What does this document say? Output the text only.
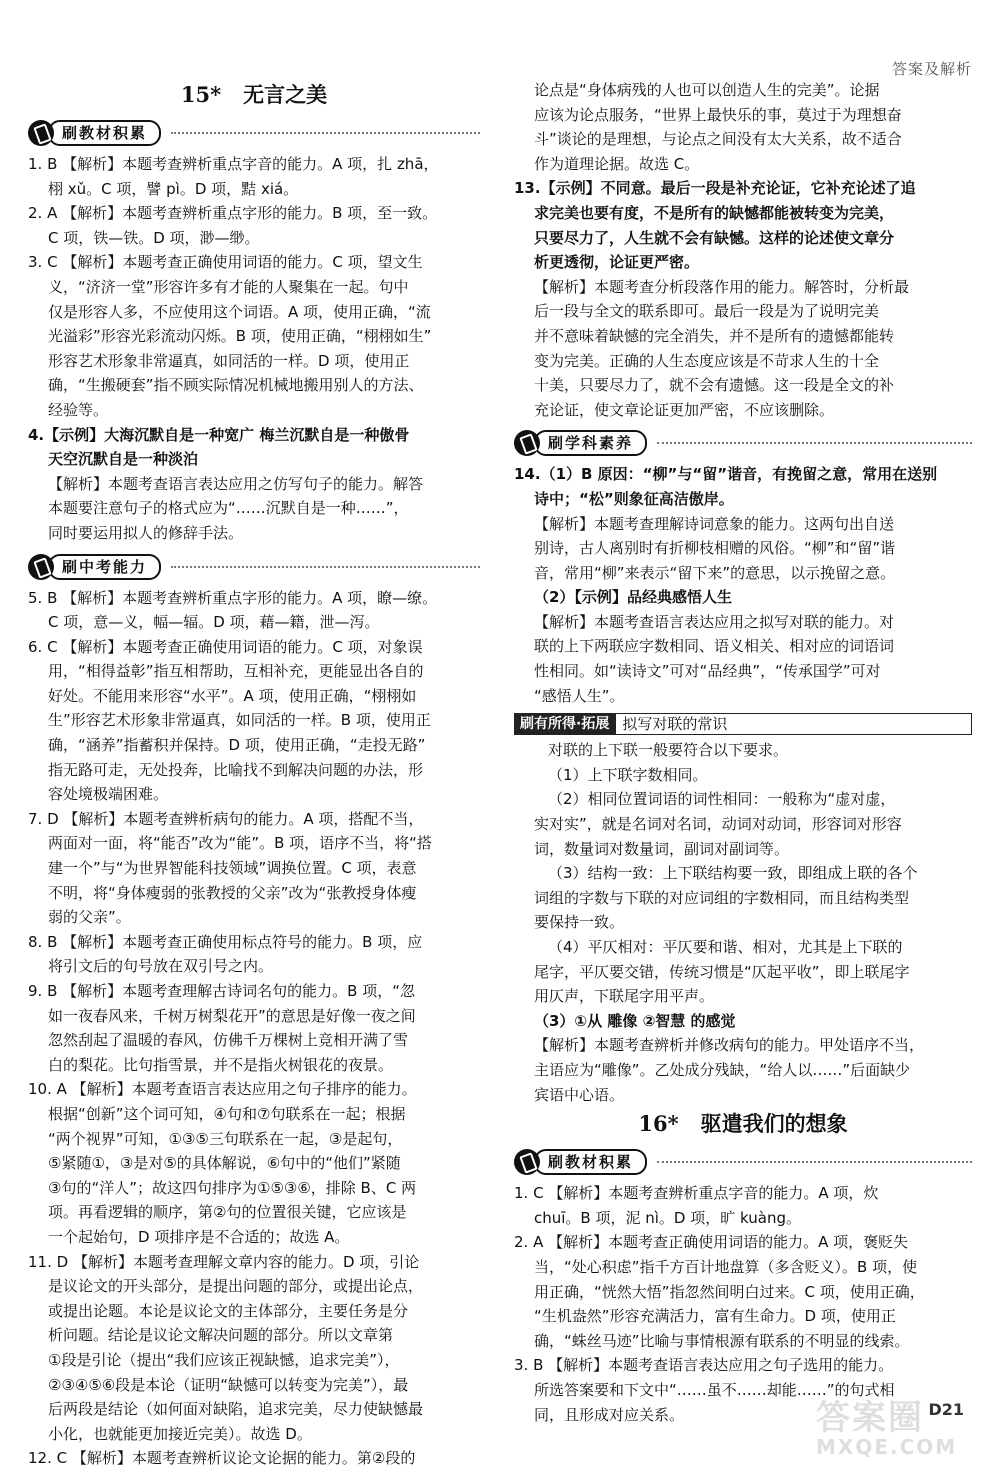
答案及解析
15* 无言之美
刷教材积累

1. B 【解析】本题考查辨析重点字音的能力。A 项，扎 zhā，

栩 xǔ。C 项，譬 pì。D 项，黠 xiá。

2. A 【解析】本题考查辨析重点字形的能力。B 项，至一致。

C 项，铁—铁。D 项，渺—缈。

3. C 【解析】本题考查正确使用词语的能力。C 项，望文生

义，“济济一堂”形容许多有才能的人聚集在一起。句中

仅是形容人多，不应使用这个词语。A 项，使用正确，“流

光溢彩”形容光彩流动闪烁。B 项，使用正确，“栩栩如生”

形容艺术形象非常逼真，如同活的一样。D 项，使用正

确，“生搬硬套”指不顾实际情况机械地搬用别人的方法、

经验等。

4.【示例】大海沉默自是一种宽广 梅兰沉默自是一种傲骨

天空沉默自是一种淡泊

【解析】本题考查语言表达应用之仿写句子的能力。解答

本题要注意句子的格式应为“……沉默自是一种……”，

同时要运用拟人的修辞手法。

刷中考能力

5. B 【解析】本题考查辨析重点字形的能力。A 项，瞭—缭。

C 项，意—义，幅—辐。D 项，藉—籍，泄—泻。

6. C 【解析】本题考查正确使用词语的能力。C 项，对象误

用，“相得益彰”指互相帮助，互相补充，更能显出各自的

好处。不能用来形容“水平”。A 项，使用正确，“栩栩如

生”形容艺术形象非常逼真，如同活的一样。B 项，使用正

确，“涵养”指蓄积并保持。D 项，使用正确，“走投无路”

指无路可走，无处投奔，比喻找不到解决问题的办法，形

容处境极端困难。

7. D 【解析】本题考查辨析病句的能力。A 项，搭配不当，

两面对一面，将“能否”改为“能”。B 项，语序不当，将“搭

建一个”与“为世界智能科技领域”调换位置。C 项，表意

不明，将“身体瘦弱的张教授的父亲”改为“张教授身体瘦

弱的父亲”。

8. B 【解析】本题考查正确使用标点符号的能力。B 项，应

将引文后的句号放在双引号之内。

9. B 【解析】本题考查理解古诗词名句的能力。B 项，“忽

如一夜春风来，千树万树梨花开”的意思是好像一夜之间

忽然刮起了温暖的春风，仿佛千万棵树上竞相开满了雪

白的梨花。比句指雪景，并不是指火树银花的夜景。

10. A 【解析】本题考查语言表达应用之句子排序的能力。

根据“创新”这个词可知，④句和⑦句联系在一起；根据

“两个视界”可知，①③⑤三句联系在一起，③是起句，

⑤紧随①，③是对⑤的具体解说，⑥句中的“他们”紧随

③句的“洋人”；故这四句排序为①⑤③⑥，排除 B、C 两

项。再看逻辑的顺序，第②句的位置很关键，它应该是

一个起始句，D 项排序是不合适的；故选 A。

11. D 【解析】本题考查理解文章内容的能力。D 项，引论

是议论文的开头部分，是提出问题的部分，或提出论点，

或提出论题。本论是议论文的主体部分，主要任务是分

析问题。结论是议论文解决问题的部分。所以文章第

①段是引论（提出“我们应该正视缺憾，追求完美”），

②③④⑤⑥段是本论（证明“缺憾可以转变为完美”），最

后两段是结论（如何面对缺陷，追求完美，尽力使缺憾最

小化，也就能更加接近完美）。故选 D。

12. C 【解析】本题考查辨析议论文论据的能力。第②段的

论点是“身体病残的人也可以创造人生的完美”。论据

应该为论点服务，“世界上最快乐的事，莫过于为理想奋

斗”谈论的是理想，与论点之间没有太大关系，故不适合

作为道理论据。故选 C。

13.【示例】不同意。最后一段是补充论证，它补充论述了追

求完美也要有度，不是所有的缺憾都能被转变为完美，

只要尽力了，人生就不会有缺憾。这样的论述使文章分

析更透彻，论证更严密。

【解析】本题考查分析段落作用的能力。解答时，分析最

后一段与全文的联系即可。最后一段是为了说明完美

并不意味着缺憾的完全消失，并不是所有的遗憾都能转

变为完美。正确的人生态度应该是不苛求人生的十全

十美，只要尽力了，就不会有遗憾。这一段是全文的补

充论证，使文章论证更加严密，不应该删除。

刷学科素养

14.（1）B 原因：“柳”与“留”谐音，有挽留之意，常用在送别

诗中；“松”则象征高洁傲岸。

【解析】本题考查理解诗词意象的能力。这两句出自送

别诗，古人离别时有折柳枝相赠的风俗。“柳”和“留”谐

音，常用“柳”来表示“留下来”的意思，以示挽留之意。

（2）【示例】品经典感悟人生

【解析】本题考查语言表达应用之拟写对联的能力。对

联的上下两联应字数相同、语义相关、相对应的词语词

性相同。如“读诗文”可对“品经典”，“传承国学”可对

“感悟人生”。

刷有所得·拓展 拟写对联的常识

对联的上下联一般要符合以下要求。

（1）上下联字数相同。

（2）相同位置词语的词性相同：一般称为“虚对虚，

实对实”，就是名词对名词，动词对动词，形容词对形容

词，数量词对数量词，副词对副词等。

（3）结构一致：上下联结构要一致，即组成上联的各个

词组的字数与下联的对应词组的字数相同，而且结构类型

要保持一致。

（4）平仄相对：平仄要和谐、相对，尤其是上下联的

尾字，平仄要交错，传统习惯是“仄起平收”，即上联尾字

用仄声，下联尾字用平声。

（3）①从 雕像 ②智慧 的感觉

【解析】本题考查辨析并修改病句的能力。甲处语序不当，

主语应为“雕像”。乙处成分残缺，“给人以……”后面缺少

宾语中心语。

16* 驱遣我们的想象
刷教材积累

1. C 【解析】本题考查辨析重点字音的能力。A 项，炊

chuī。B 项，泥 nì。D 项，旷 kuàng。

2. A 【解析】本题考查正确使用词语的能力。A 项，褒贬失

当，“处心积虑”指千方百计地盘算（多含贬义）。B 项，使

用正确，“恍然大悟”指忽然间明白过来。C 项，使用正确，

“生机盎然”形容充满活力，富有生命力。D 项，使用正

确，“蛛丝马迹”比喻与事情根源有联系的不明显的线索。

3. B 【解析】本题考查语言表达应用之句子选用的能力。

所选答案要和下文中“……虽不……却能……”的句式相

同，且形成对应关系。	答案圈
MXQE.COM
D21
